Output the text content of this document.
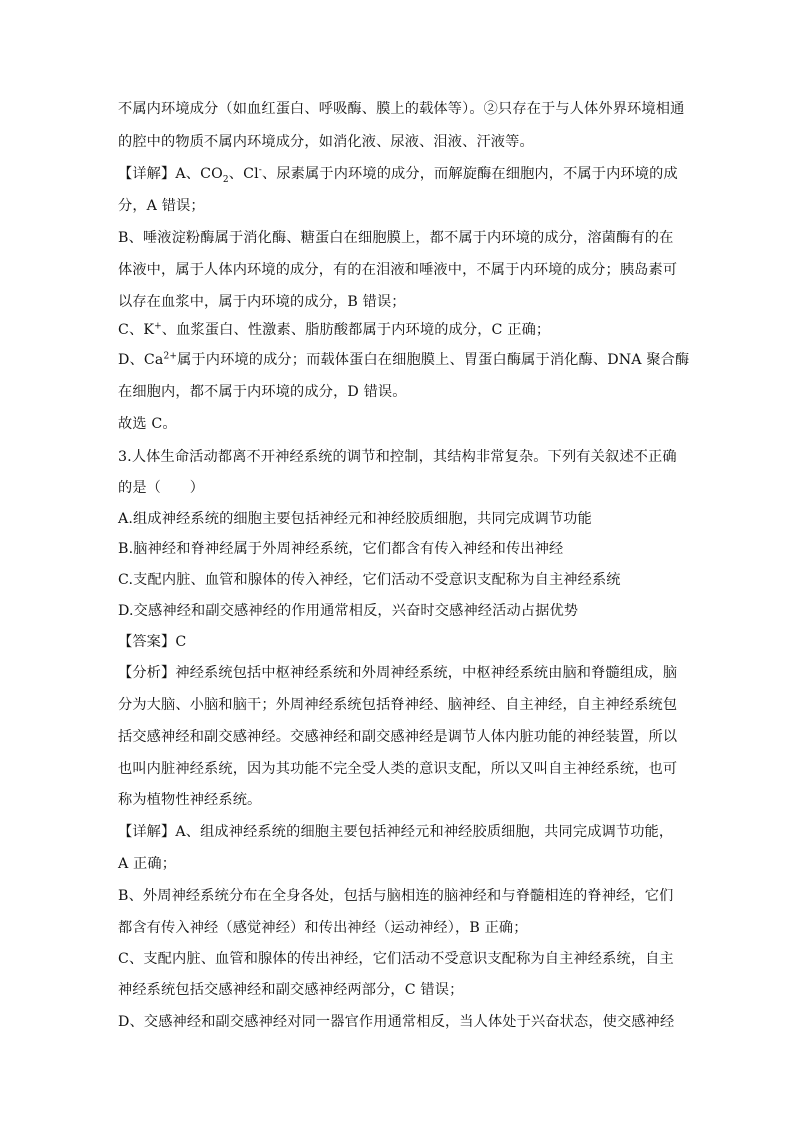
不属内环境成分（如血红蛋白、呼吸酶、膜上的载体等）。②只存在于与人体外界环境相通
的腔中的物质不属内环境成分，如消化液、尿液、泪液、汗液等。
【详解】A、$CO_2$、Cl-、尿素属于内环境的成分，而解旋酶在细胞内，不属于内环境的成
分，A 错误；
B、唾液淀粉酶属于消化酶、糖蛋白在细胞膜上，都不属于内环境的成分，溶菌酶有的在
体液中，属于人体内环境的成分，有的在泪液和唾液中，不属于内环境的成分；胰岛素可
以存在血浆中，属于内环境的成分，B 错误；
C、K+、血浆蛋白、性激素、脂肪酸都属于内环境的成分，C 正确；
D、$Ca^{2+}$属于内环境的成分；而载体蛋白在细胞膜上、胃蛋白酶属于消化酶、DNA 聚合酶
在细胞内，都不属于内环境的成分，D 错误。
故选 C。
3.人体生命活动都离不开神经系统的调节和控制，其结构非常复杂。下列有关叙述不正确
的是（　　）
A.组成神经系统的细胞主要包括神经元和神经胶质细胞，共同完成调节功能
B.脑神经和脊神经属于外周神经系统，它们都含有传入神经和传出神经
C.支配内脏、血管和腺体的传入神经，它们活动不受意识支配称为自主神经系统
D.交感神经和副交感神经的作用通常相反，兴奋时交感神经活动占据优势
【答案】C
【分析】神经系统包括中枢神经系统和外周神经系统，中枢神经系统由脑和脊髓组成，脑
分为大脑、小脑和脑干；外周神经系统包括脊神经、脑神经、自主神经，自主神经系统包
括交感神经和副交感神经。交感神经和副交感神经是调节人体内脏功能的神经装置，所以
也叫内脏神经系统，因为其功能不完全受人类的意识支配，所以又叫自主神经系统，也可
称为植物性神经系统。
【详解】A、组成神经系统的细胞主要包括神经元和神经胶质细胞，共同完成调节功能，
A 正确；
B、外周神经系统分布在全身各处，包括与脑相连的脑神经和与脊髓相连的脊神经，它们
都含有传入神经（感觉神经）和传出神经（运动神经），B 正确；
C、支配内脏、血管和腺体的传出神经，它们活动不受意识支配称为自主神经系统，自主
神经系统包括交感神经和副交感神经两部分，C 错误；
D、交感神经和副交感神经对同一器官作用通常相反，当人体处于兴奋状态，使交感神经
